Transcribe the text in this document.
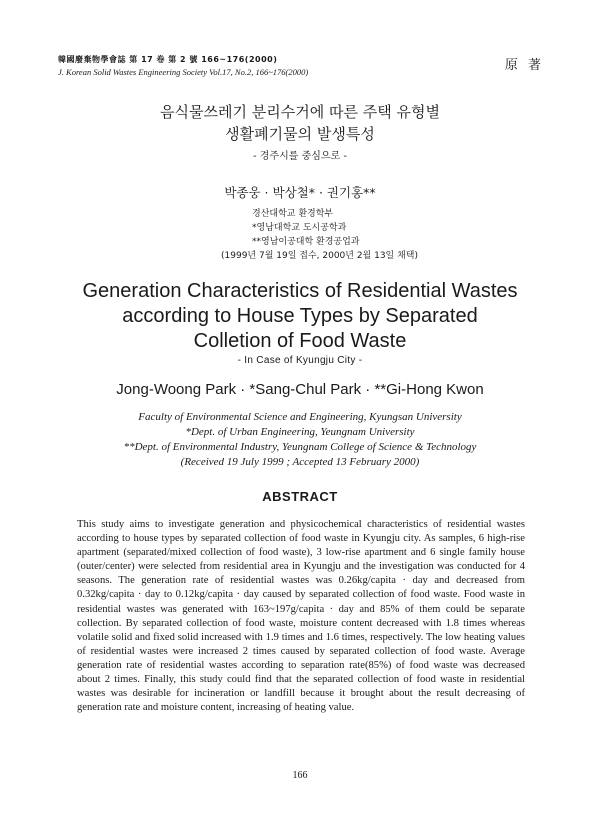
韓國廢棄物學會誌 第 17 卷 第 2 號 166~176(2000)
J. Korean Solid Wastes Engineering Society Vol.17, No.2, 166~176(2000)	原 著
음식물쓰레기 분리수거에 따른 주택 유형별
생활폐기물의 발생특성
- 경주시를 중심으로 -
박종웅 · 박상철* · 권기홍**
경산대학교 환경학부
*영남대학교 도시공학과
**영남이공대학 환경공업과
(1999년 7월 19일 접수, 2000년 2월 13일 채택)
Generation Characteristics of Residential Wastes
according to House Types by Separated
Colletion of Food Waste
- In Case of Kyungju City -
Jong-Woong Park · *Sang-Chul Park · **Gi-Hong Kwon
Faculty of Environmental Science and Engineering, Kyungsan University
*Dept. of Urban Engineering, Yeungnam University
**Dept. of Environmental Industry, Yeungnam College of Science & Technology
(Received 19 July 1999 ; Accepted 13 February 2000)
ABSTRACT

This study aims to investigate generation and physicochemical characteristics of residential wastes according to house types by separated collection of food waste in Kyungju city. As samples, 6 high-rise apartment (separated/mixed collection of food waste), 3 low-rise apartment and 6 single family house (outer/center) were selected from residential area in Kyungju and the investigation was conducted for 4 seasons. The generation rate of residential wastes was 0.26kg/capita · day and decreased from 0.32kg/capita · day to 0.12kg/capita · day caused by separated collection of food waste. Food waste in residential wastes was generated with 163~197g/capita · day and 85% of them could be separate collection. By separated collection of food waste, moisture content decreased with 1.8 times whereas volatile solid and fixed solid increased with 1.9 times and 1.6 times, respectively. The low heating values of residential wastes were increased 2 times caused by separated collection of food waste. Average generation rate of residential wastes according to separation rate(85%) of food waste was decreased about 2 times. Finally, this study could find that the separated collection of food waste in residential wastes was desirable for incineration or landfill because it brought about the result decreasing of generation rate and moisture content, increasing of heating value.

166
